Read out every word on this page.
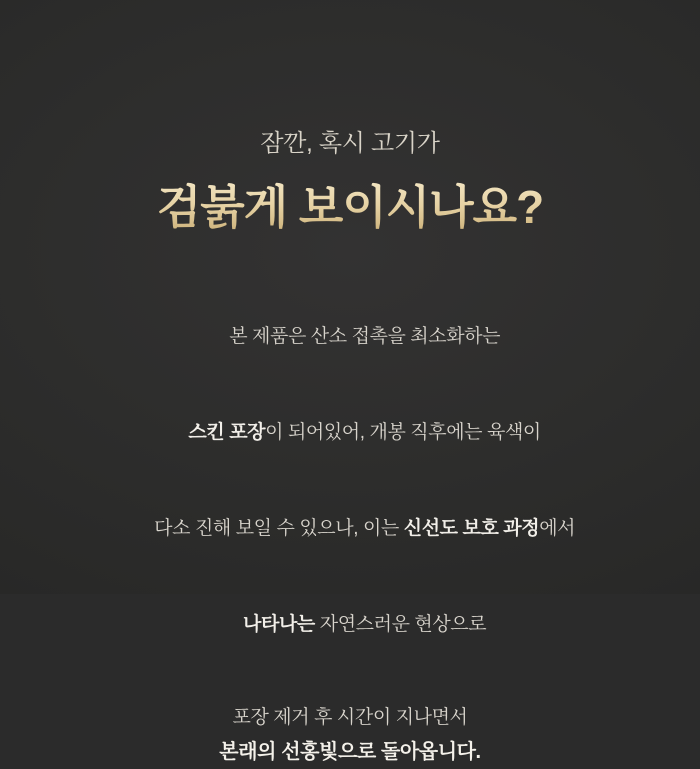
잠깐, 혹시 고기가
검붉게 보이시나요?

본 제품은 산소 접촉을 최소화하는

스킨 포장이 되어있어, 개봉 직후에는 육색이

다소 진해 보일 수 있으나, 이는 신선도 보호 과정에서

나타나는 자연스러운 현상으로

포장 제거 후 시간이 지나면서
본래의 선홍빛으로 돌아옵니다.
